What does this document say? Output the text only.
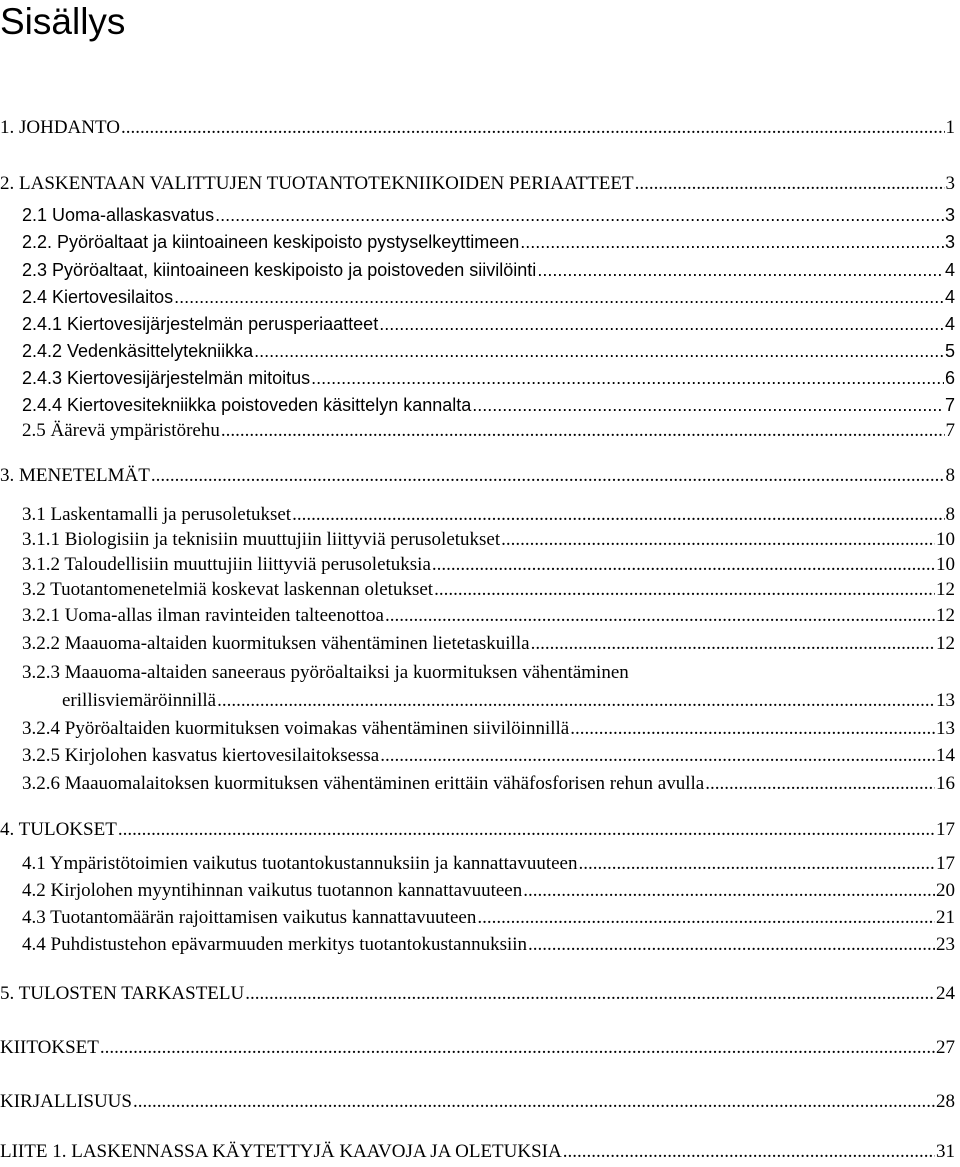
Sisällys
1. JOHDANTO .....	1
2. LASKENTAAN VALITTUJEN TUOTANTOTEKNIIKOIDEN PERIAATTEET .....	3
2.1 Uoma-allaskasvatus .....	3
2.2. Pyöröaltaat ja kiintoaineen keskipoisto pystyselkeyttimeen .....	3
2.3 Pyöröaltaat, kiintoaineen keskipoisto ja poistoveden siivilöinti .....	4
2.4 Kiertovesilaitos .....	4
2.4.1 Kiertovesijärjestelmän perusperiaatteet .....	4
2.4.2 Vedenkäsittelytekniikka .....	5
2.4.3 Kiertovesijärjestelmän mitoitus .....	6
2.4.4 Kiertovesitekniikka poistoveden käsittelyn kannalta .....	7
2.5 Äärevä ympäristörehu .....	7
3. MENETELMÄT .....	8
3.1 Laskentamalli ja perusoletukset .....	8
3.1.1 Biologisiin ja teknisiin muuttujiin liittyviä perusoletukset .....	10
3.1.2 Taloudellisiin muuttujiin liittyviä perusoletuksia .....	10
3.2 Tuotantomenetelmiä koskevat laskennan oletukset .....	12
3.2.1 Uoma-allas ilman ravinteiden talteenottoa .....	12
3.2.2 Maauoma-altaiden kuormituksen vähentäminen lietetaskuilla .....	12
3.2.3 Maauoma-altaiden saneeraus pyöröaltaiksi ja kuormituksen vähentäminen
erillisviemäröinnillä .....	13
3.2.4 Pyöröaltaiden kuormituksen voimakas vähentäminen siivilöinnillä .....	13
3.2.5 Kirjolohen kasvatus kiertovesilaitoksessa .....	14
3.2.6 Maauomalaitoksen kuormituksen vähentäminen erittäin vähäfosforisen rehun avulla .....	16
4. TULOKSET .....	17
4.1 Ympäristötoimien vaikutus tuotantokustannuksiin ja kannattavuuteen .....	17
4.2 Kirjolohen myyntihinnan vaikutus tuotannon kannattavuuteen .....	20
4.3 Tuotantomäärän rajoittamisen vaikutus kannattavuuteen .....	21
4.4 Puhdistustehon epävarmuuden merkitys tuotantokustannuksiin .....	23
5. TULOSTEN TARKASTELU .....	24
KIITOKSET .....	27
KIRJALLISUUS .....	28
LIITE 1. LASKENNASSA KÄYTETTYJÄ KAAVOJA JA OLETUKSIA .....	31
